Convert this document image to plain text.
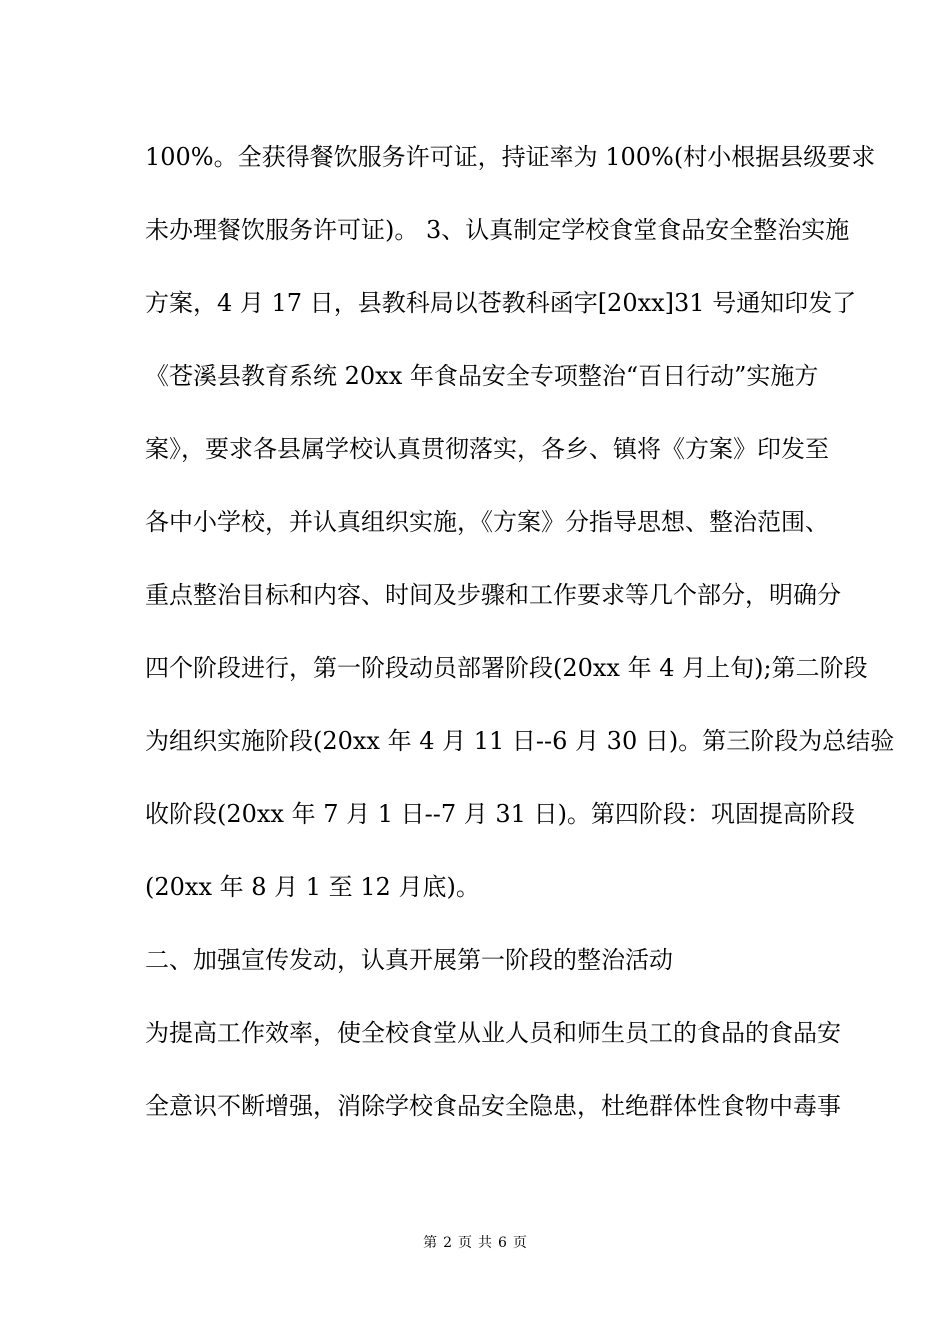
100%。全获得餐饮服务许可证，持证率为 100%(村小根据县级要求
未办理餐饮服务许可证)。 3、认真制定学校食堂食品安全整治实施
方案，4 月 17 日，县教科局以苍教科函字[20xx]31 号通知印发了
《苍溪县教育系统 20xx 年食品安全专项整治“百日行动”实施方
案》，要求各县属学校认真贯彻落实，各乡、镇将《方案》印发至
各中小学校，并认真组织实施，《方案》分指导思想、整治范围、
重点整治目标和内容、时间及步骤和工作要求等几个部分，明确分
四个阶段进行，第一阶段动员部署阶段(20xx 年 4 月上旬);第二阶段
为组织实施阶段(20xx 年 4 月 11 日--6 月 30 日)。第三阶段为总结验
收阶段(20xx 年 7 月 1 日--7 月 31 日)。第四阶段：巩固提高阶段
(20xx 年 8 月 1 至 12 月底)。
二、加强宣传发动，认真开展第一阶段的整治活动
为提高工作效率，使全校食堂从业人员和师生员工的食品的食品安
全意识不断增强，消除学校食品安全隐患，杜绝群体性食物中毒事
第 2 页 共 6 页
